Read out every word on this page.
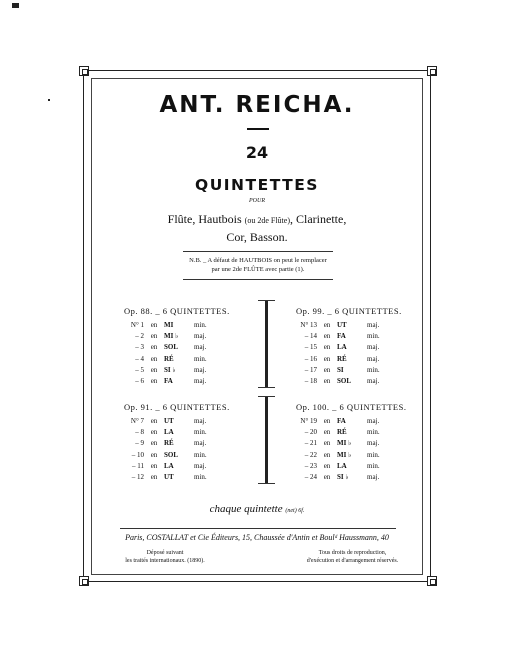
ANT. REICHA.
24
QUINTETTES
POUR
Flûte, Hautbois (ou 2de Flûte), Clarinette,
Cor, Basson.
N.B. _ A défaut de HAUTBOIS on peut le remplacer
par une 2de FLÛTE avec partie (1).
Op. 88. _ 6 QUINTETTES.
N° 1 en MI	min.
– 2 en MI ♭ maj.
– 3 en SOL maj.
– 4 en RÉ	min.
– 5 en SI ♭	maj.
– 6 en FA	maj.
Op. 99. _ 6 QUINTETTES.
N° 13 en UT	maj.
– 14 en FA	min.
– 15 en LA	maj.
– 16 en RÉ	maj.
– 17 en SI	min.
– 18 en SOL maj.
Op. 91. _ 6 QUINTETTES.
N° 7 en UT	maj.
– 8 en LA	min.
– 9 en RÉ	maj.
– 10 en SOL min.
– 11 en LA	maj.
– 12 en UT	min.
Op. 100. _ 6 QUINTETTES.
N° 19 en FA	maj.
– 20 en RÉ	min.
– 21 en MI ♭ maj.
– 22 en MI ♭ min.
– 23 en LA	min.
– 24 en SI ♭	maj.
chaque quintette (net) 6f.
Paris, COSTALLAT et Cie Éditeurs, 15, Chaussée d'Antin et Boulᵈ Haussmann, 40
Déposé suivant
les traités internationaux. (1890).
Tous droits de reproduction,
d'exécution et d'arrangement réservés.
